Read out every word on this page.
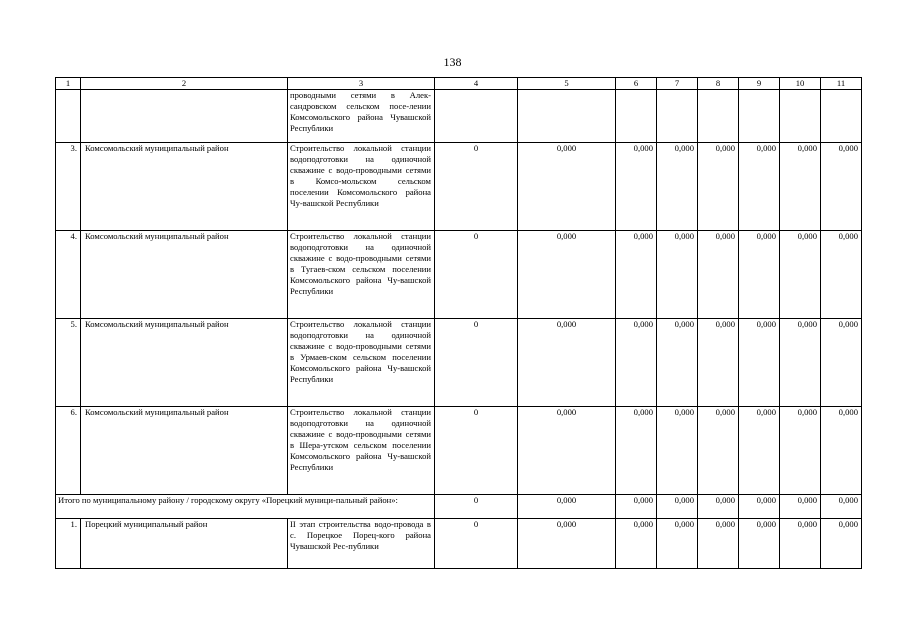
138
1	2	3	4	5	6	7	8	9	10	11
		проводными сетями в Алек-сандровском сельском посе-лении Комсомольского района Чувашской Республики								
3.	Комсомольский муниципальный район	Строительство локальной станции водоподготовки на одиночной скважине с водо-проводными сетями в Комсо-мольском сельском поселении Комсомольского района Чу-вашской Республики	0	0,000	0,000	0,000	0,000	0,000	0,000	0,000
4.	Комсомольский муниципальный район	Строительство локальной станции водоподготовки на одиночной скважине с водо-проводными сетями в Тугаев-ском сельском поселении Комсомольского района Чу-вашской Республики	0	0,000	0,000	0,000	0,000	0,000	0,000	0,000
5.	Комсомольский муниципальный район	Строительство локальной станции водоподготовки на одиночной скважине с водо-проводными сетями в Урмаев-ском сельском поселении Комсомольского района Чу-вашской Республики	0	0,000	0,000	0,000	0,000	0,000	0,000	0,000
6.	Комсомольский муниципальный район	Строительство локальной станции водоподготовки на одиночной скважине с водо-проводными сетями в Шера-утском сельском поселении Комсомольского района Чу-вашской Республики	0	0,000	0,000	0,000	0,000	0,000	0,000	0,000
Итого по муниципальному району / городскому округу «Порецкий муници-пальный район»:			0	0,000	0,000	0,000	0,000	0,000	0,000	0,000
1.	Порецкий муниципальный район	II этап строительства водо-провода в с. Порецкое Порец-кого района Чувашской Рес-публики	0	0,000	0,000	0,000	0,000	0,000	0,000	0,000
